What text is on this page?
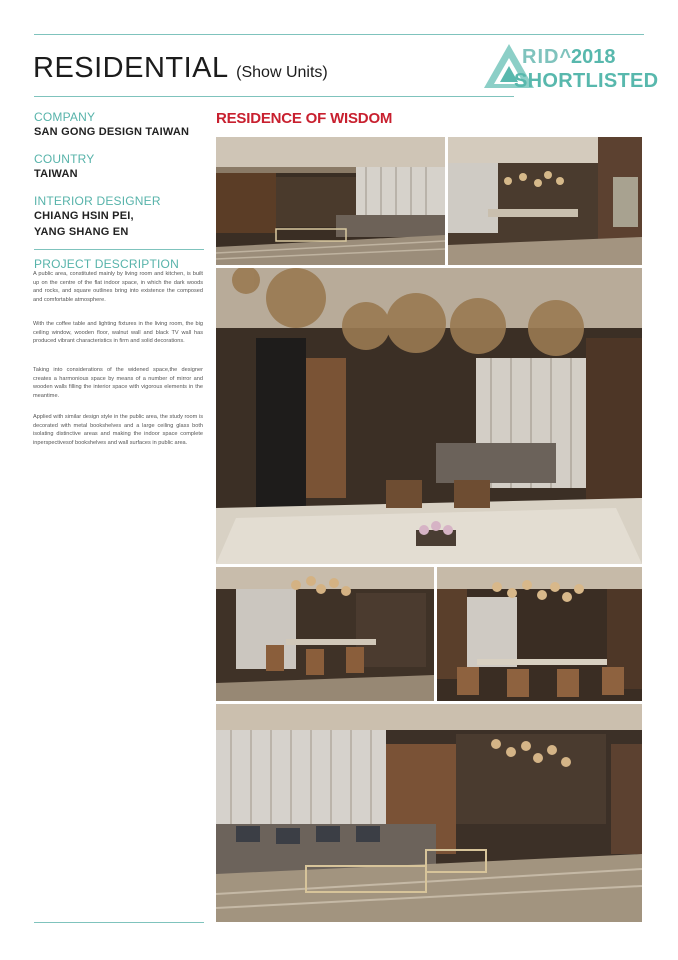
RESIDENTIAL (Show Units)
RID^
2018
SHORTLISTED
COMPANY
SAN GONG DESIGN TAIWAN
COUNTRY
TAIWAN
INTERIOR DESIGNER
CHIANG HSIN PEI,
YANG SHANG EN
PROJECT DESCRIPTION
A public area, constituted mainly by living room and kitchen, is built up on the centre of the flat indoor space, in which the dark woods and rocks, and square outlines bring into existence the composed and comfortable atmosphere.
With the coffee table and lighting fixtures in the living room, the big ceiling window, wooden floor, walnut wall and black TV wall has produced vibrant characteristics in firm and solid decorations.
Taking into considerations of the widened space,the designer creates a harmonious space by means of a number of mirror and wooden walls filling the interior space with vigorous elements in the meantime.
Applied with similar design style in the public area, the study room is decorated with metal bookshelves and a large ceiling glass both isolating distinctive areas and making the indoor space complete inperspectivesof bookshelves and wall surfaces in public area.
RESIDENCE OF WISDOM
